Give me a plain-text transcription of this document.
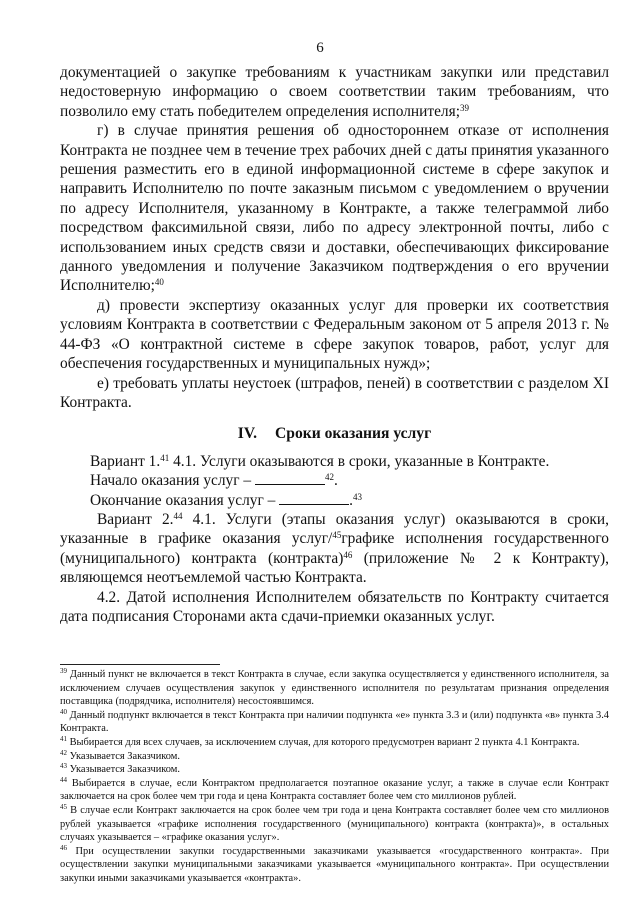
6

документацией о закупке требованиям к участникам закупки или представил недостоверную информацию о своем соответствии таким требованиям, что позволило ему стать победителем определения исполнителя;$^{39}$

г) в случае принятия решения об одностороннем отказе от исполнения Контракта не позднее чем в течение трех рабочих дней с даты принятия указанного решения разместить его в единой информационной системе в сфере закупок и направить Исполнителю по почте заказным письмом с уведомлением о вручении по адресу Исполнителя, указанному в Контракте, а также телеграммой либо посредством факсимильной связи, либо по адресу электронной почты, либо с использованием иных средств связи и доставки, обеспечивающих фиксирование данного уведомления и получение Заказчиком подтверждения о его вручении Исполнителю;$^{40}$

д) провести экспертизу оказанных услуг для проверки их соответствия условиям Контракта в соответствии с Федеральным законом от 5 апреля 2013 г. № 44-ФЗ «О контрактной системе в сфере закупок товаров, работ, услуг для обеспечения государственных и муниципальных нужд»;

е) требовать уплаты неустоек (штрафов, пеней) в соответствии с разделом XI Контракта.

IV. Сроки оказания услуг

Вариант 1.41 4.1. Услуги оказываются в сроки, указанные в Контракте.

Начало оказания услуг –	$^{42}$.

Окончание оказания услуг –	.$^{43}$

Вариант 2.44 4.1. Услуги (этапы оказания услуг) оказываются в сроки, указанные в графике оказания услуг/$^{45}$графике исполнения государственного (муниципального) контракта (контракта)$^{46}$ (приложение № 2 к Контракту), являющемся неотъемлемой частью Контракта.

4.2. Датой исполнения Исполнителем обязательств по Контракту считается дата подписания Сторонами акта сдачи-приемки оказанных услуг.

$^{39}$ Данный пункт не включается в текст Контракта в случае, если закупка осуществляется у единственного исполнителя, за исключением случаев осуществления закупок у единственного исполнителя по результатам признания определения поставщика (подрядчика, исполнителя) несостоявшимся.

$^{40}$ Данный подпункт включается в текст Контракта при наличии подпункта «е» пункта 3.3 и (или) подпункта «в» пункта 3.4 Контракта.

$^{41}$ Выбирается для всех случаев, за исключением случая, для которого предусмотрен вариант 2 пункта 4.1 Контракта.

$^{42}$ Указывается Заказчиком.

$^{43}$ Указывается Заказчиком.

$^{44}$ Выбирается в случае, если Контрактом предполагается поэтапное оказание услуг, а также в случае если Контракт заключается на срок более чем три года и цена Контракта составляет более чем сто миллионов рублей.

$^{45}$ В случае если Контракт заключается на срок более чем три года и цена Контракта составляет более чем сто миллионов рублей указывается «графике исполнения государственного (муниципального) контракта (контракта)», в остальных случаях указывается – «графике оказания услуг».

$^{46}$ При осуществлении закупки государственными заказчиками указывается «государственного контракта». При осуществлении закупки муниципальными заказчиками указывается «муниципального контракта». При осуществлении закупки иными заказчиками указывается «контракта».
